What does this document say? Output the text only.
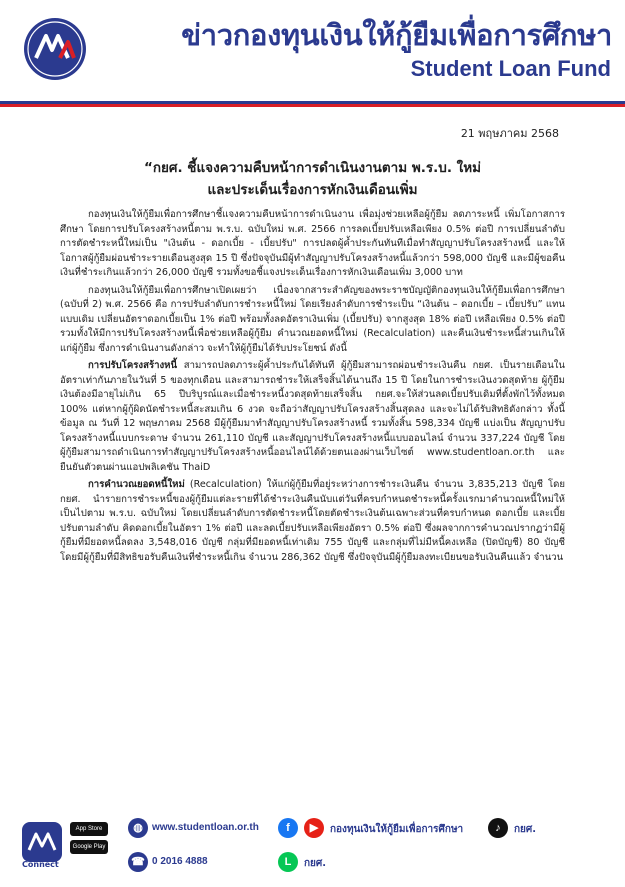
ข่าวกองทุนเงินให้กู้ยืมเพื่อการศึกษา
Student Loan Fund
21 พฤษภาคม 2568
“กยศ. ชี้แจงความคืบหน้าการดำเนินงานตาม พ.ร.บ. ใหม่
และประเด็นเรื่องการหักเงินเดือนเพิ่ม

กองทุนเงินให้กู้ยืมเพื่อการศึกษาชี้แจงความคืบหน้าการดำเนินงาน เพื่อมุ่งช่วยเหลือผู้กู้ยืม ลดภาระหนี้ เพิ่มโอกาสการศึกษา โดยการปรับโครงสร้างหนี้ตาม พ.ร.บ. ฉบับใหม่ พ.ศ. 2566 การลดเบี้ยปรับเหลือเพียง 0.5% ต่อปี การเปลี่ยนลำดับการตัดชำระหนี้ใหม่เป็น "เงินต้น - ดอกเบี้ย - เบี้ยปรับ" การปลดผู้ค้ำประกันทันทีเมื่อทำสัญญาปรับโครงสร้างหนี้ และให้โอกาสผู้กู้ยืมผ่อนชำระรายเดือนสูงสุด 15 ปี ซึ่งปัจจุบันมีผู้ทำสัญญาปรับโครงสร้างหนี้แล้วกว่า 598,000 บัญชี และมีผู้ขอคืนเงินที่ชำระเกินแล้วกว่า 26,000 บัญชี รวมทั้งขอชี้แจงประเด็นเรื่องการหักเงินเดือนเพิ่ม 3,000 บาท

กองทุนเงินให้กู้ยืมเพื่อการศึกษาเปิดเผยว่า เนื่องจากสาระสำคัญของพระราชบัญญัติกองทุนเงินให้กู้ยืมเพื่อการศึกษา (ฉบับที่ 2) พ.ศ. 2566 คือ การปรับลำดับการชำระหนี้ใหม่ โดยเรียงลำดับการชำระเป็น “เงินต้น – ดอกเบี้ย – เบี้ยปรับ” แทนแบบเดิม เปลี่ยนอัตราดอกเบี้ยเป็น 1% ต่อปี พร้อมทั้งลดอัตราเงินเพิ่ม (เบี้ยปรับ) จากสูงสุด 18% ต่อปี เหลือเพียง 0.5% ต่อปี รวมทั้งให้มีการปรับโครงสร้างหนี้เพื่อช่วยเหลือผู้กู้ยืม คำนวณยอดหนี้ใหม่ (Recalculation) และคืนเงินชำระหนี้ส่วนเกินให้แก่ผู้กู้ยืม ซึ่งการดำเนินงานดังกล่าว จะทำให้ผู้กู้ยืมได้รับประโยชน์ ดังนี้

การปรับโครงสร้างหนี้ สามารถปลดภาระผู้ค้ำประกันได้ทันที ผู้กู้ยืมสามารถผ่อนชำระเงินคืน กยศ. เป็นรายเดือนในอัตราเท่ากันภายในวันที่ 5 ของทุกเดือน และสามารถชำระให้เสร็จสิ้นได้นานถึง 15 ปี โดยในการชำระเงินงวดสุดท้าย ผู้กู้ยืมเงินต้องมีอายุไม่เกิน 65 ปีบริบูรณ์และเมื่อชำระหนี้งวดสุดท้ายเสร็จสิ้น กยศ.จะให้ส่วนลดเบี้ยปรับเดิมที่ตั้งพักไว้ทั้งหมด 100% แต่หากผู้กู้ผิดนัดชำระหนี้สะสมเกิน 6 งวด จะถือว่าสัญญาปรับโครงสร้างสิ้นสุดลง และจะไม่ได้รับสิทธิดังกล่าว ทั้งนี้ ข้อมูล ณ วันที่ 12 พฤษภาคม 2568 มีผู้กู้ยืมมาทำสัญญาปรับโครงสร้างหนี้ รวมทั้งสิ้น 598,334 บัญชี แบ่งเป็น สัญญาปรับโครงสร้างหนี้แบบกระดาษ จำนวน 261,110 บัญชี และสัญญาปรับโครงสร้างหนี้แบบออนไลน์ จำนวน 337,224 บัญชี โดยผู้กู้ยืมสามารถดำเนินการทำสัญญาปรับโครงสร้างหนี้ออนไลน์ได้ด้วยตนเองผ่านเว็บไซต์ www.studentloan.or.th และยืนยันตัวตนผ่านแอปพลิเคชัน ThaiD

การคำนวณยอดหนี้ใหม่ (Recalculation) ให้แก่ผู้กู้ยืมที่อยู่ระหว่างการชำระเงินคืน จำนวน 3,835,213 บัญชี โดย กยศ. นำรายการชำระหนี้ของผู้กู้ยืมแต่ละรายที่ได้ชำระเงินคืนนับแต่วันที่ครบกำหนดชำระหนี้ครั้งแรกมาคำนวณหนี้ใหม่ให้เป็นไปตาม พ.ร.บ. ฉบับใหม่ โดยเปลี่ยนลำดับการตัดชำระหนี้โดยตัดชำระเงินต้นเฉพาะส่วนที่ครบกำหนด ดอกเบี้ย และเบี้ยปรับตามลำดับ คิดดอกเบี้ยในอัตรา 1% ต่อปี และลดเบี้ยปรับเหลือเพียงอัตรา 0.5% ต่อปี ซึ่งผลจากการคำนวณปรากฏว่ามีผู้กู้ยืมที่มียอดหนี้ลดลง 3,548,016 บัญชี กลุ่มที่มียอดหนี้เท่าเดิม 755 บัญชี และกลุ่มที่ไม่มีหนี้คงเหลือ (ปิดบัญชี) 80 บัญชี โดยมีผู้กู้ยืมที่มีสิทธิขอรับคืนเงินที่ชำระหนี้เกิน จำนวน 286,362 บัญชี ซึ่งปัจจุบันมีผู้กู้ยืมลงทะเบียนขอรับเงินคืนแล้ว จำนวน

Connect
App Store
Google Play
◍ www.studentloan.or.th	f	▶	กองทุนเงินให้กู้ยืมเพื่อการศึกษา	♪	กยศ.
☎ 0 2016 4888	L	กยศ.
